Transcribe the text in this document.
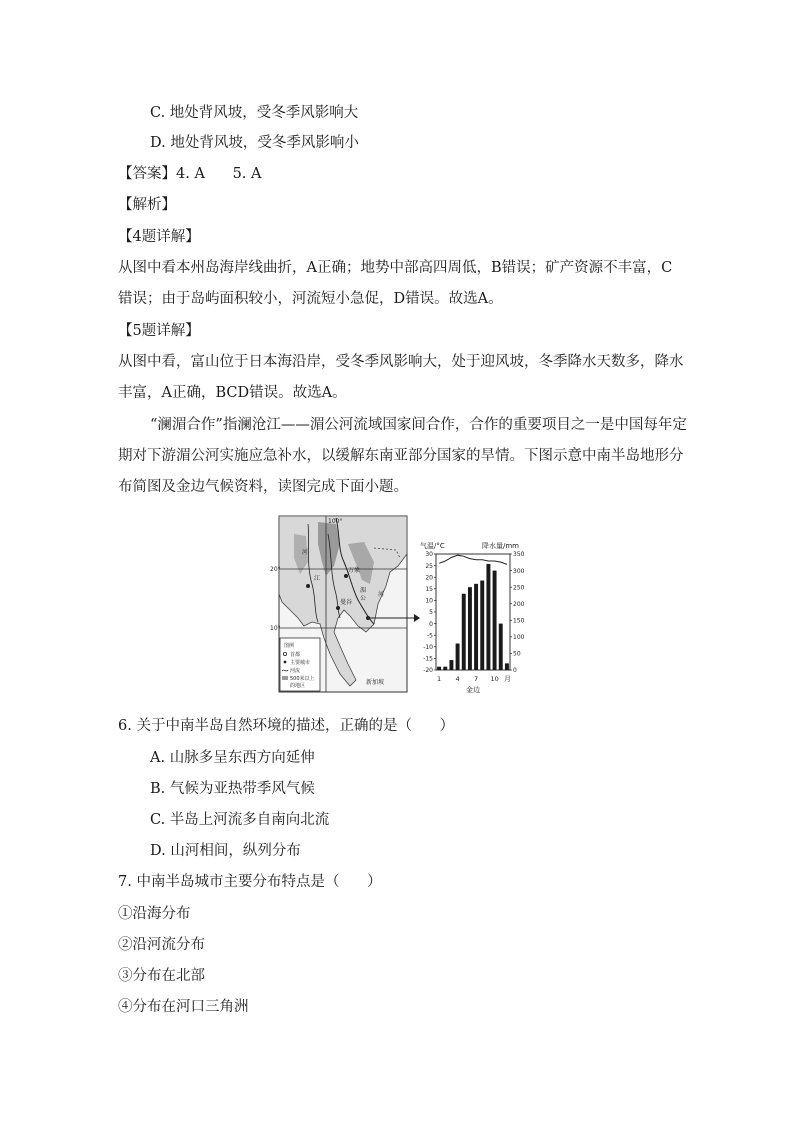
C. 地处背风坡，受冬季风影响大
D. 地处背风坡，受冬季风影响小
【答案】4. A      5. A
【解析】
【4题详解】
从图中看本州岛海岸线曲折，A正确；地势中部高四周低，B错误；矿产资源不丰富，C
错误；由于岛屿面积较小，河流短小急促，D错误。故选A。
【5题详解】
从图中看，富山位于日本海沿岸，受冬季风影响大，处于迎风坡，冬季降水天数多，降水
丰富，A正确，BCD错误。故选A。
“澜湄合作”指澜沧江——湄公河流域国家间合作，合作的重要项目之一是中国每年定
期对下游湄公河实施应急补水，以缓解东南亚部分国家的旱情。下图示意中南半岛地形分
布简图及金边气候资料，读图完成下面小题。
100°
20°
10°
河
江
万象
曼谷
河
湄
公
新加坡
图例
首都
主要城市
河流
500米以上
的地区
气温/°C	降水量/mm
30
25
20
15
10
5
0
-5
-10
-15
-20
350
300
250
200
150
100
50
0
1 4 7 10 月
金边
6. 关于中南半岛自然环境的描述，正确的是（      ）
A. 山脉多呈东西方向延伸
B. 气候为亚热带季风气候
C. 半岛上河流多自南向北流
D. 山河相间，纵列分布
7. 中南半岛城市主要分布特点是（      ）
①沿海分布
②沿河流分布
③分布在北部
④分布在河口三角洲
